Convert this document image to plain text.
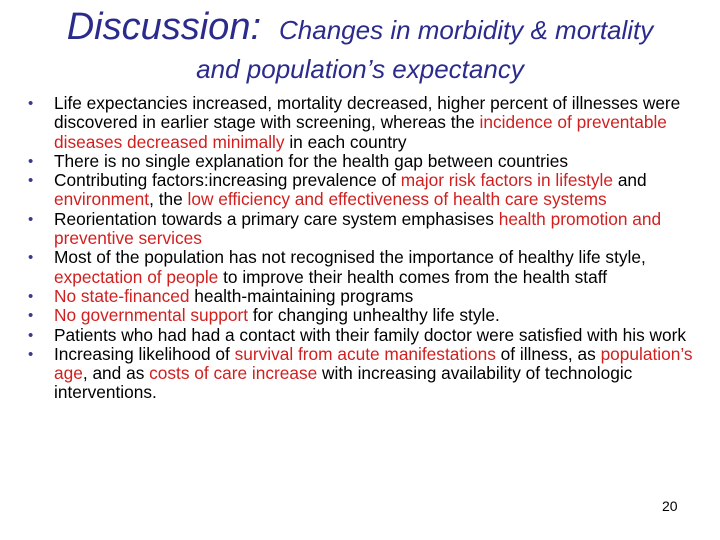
Discussion: Changes in morbidity & mortality
and population’s expectancy
• Life expectancies increased, mortality decreased, higher percent of illnesses were discovered in earlier stage with screening, whereas the incidence of preventable diseases decreased minimally in each country
• There is no single explanation for the health gap between countries
• Contributing factors:increasing prevalence of major risk factors in lifestyle and environment, the low efficiency and effectiveness of health care systems
• Reorientation towards a primary care system emphasises health promotion and preventive services
• Most of the population has not recognised the importance of healthy life style, expectation of people to improve their health comes from the health staff
• No state-financed health-maintaining programs
• No governmental support for changing unhealthy life style.
• Patients who had had a contact with their family doctor were satisfied with his work
• Increasing likelihood of survival from acute manifestations of illness, as population’s age, and as costs of care increase with increasing availability of technologic interventions.
20
